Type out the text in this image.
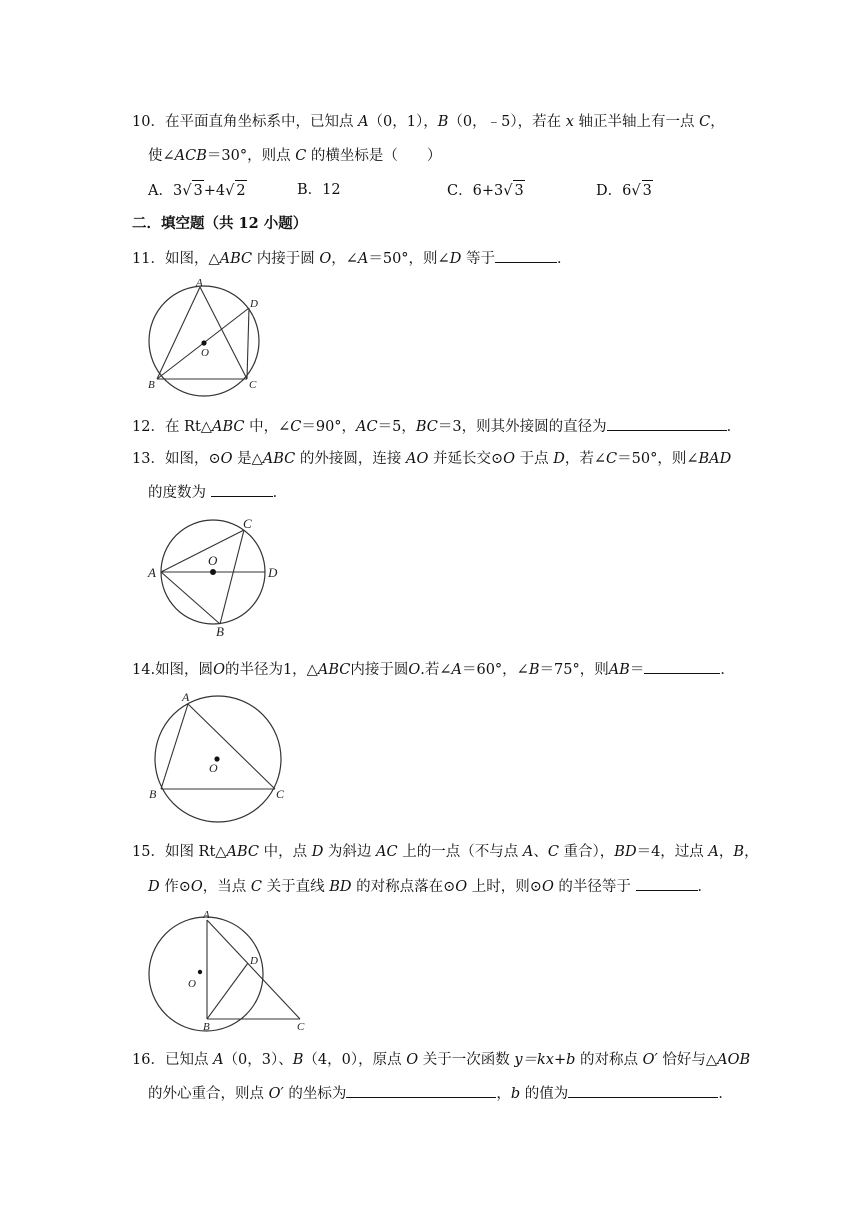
10．在平面直角坐标系中，已知点 A（0，1），B（0，﹣5），若在 x 轴正半轴上有一点 C，
使∠ACB＝30°，则点 C 的横坐标是（　　）
A．3√ 3+4√ 2	B．12	C．6+3√ 3	D．6√ 3
二．填空题（共 12 小题）
11．如图，△ABC 内接于圆 O，∠A＝50°，则∠D 等于	．
A
D
O
B	C
12．在 Rt△ABC 中，∠C＝90°，AC＝5，BC＝3，则其外接圆的直径为	．
13．如图，⊙O 是△ABC 的外接圆，连接 AO 并延长交⊙O 于点 D，若∠C＝50°，则∠BAD
的度数为	．
C
O
A	D
B
14.如图，圆O的半径为1，△ABC内接于圆O.若∠A＝60°，∠B＝75°，则AB＝	．
A
O
B	C
15．如图 Rt△ABC 中，点 D 为斜边 AC 上的一点（不与点 A、C 重合），BD＝4，过点 A，B，
D 作⊙O，当点 C 关于直线 BD 的对称点落在⊙O 上时，则⊙O 的半径等于	．
A
D
O
B	C
16．已知点 A（0，3）、B（4，0），原点 O 关于一次函数 y＝kx+b 的对称点 O′ 恰好与△AOB
的外心重合，则点 O′ 的坐标为	，b 的值为	．
